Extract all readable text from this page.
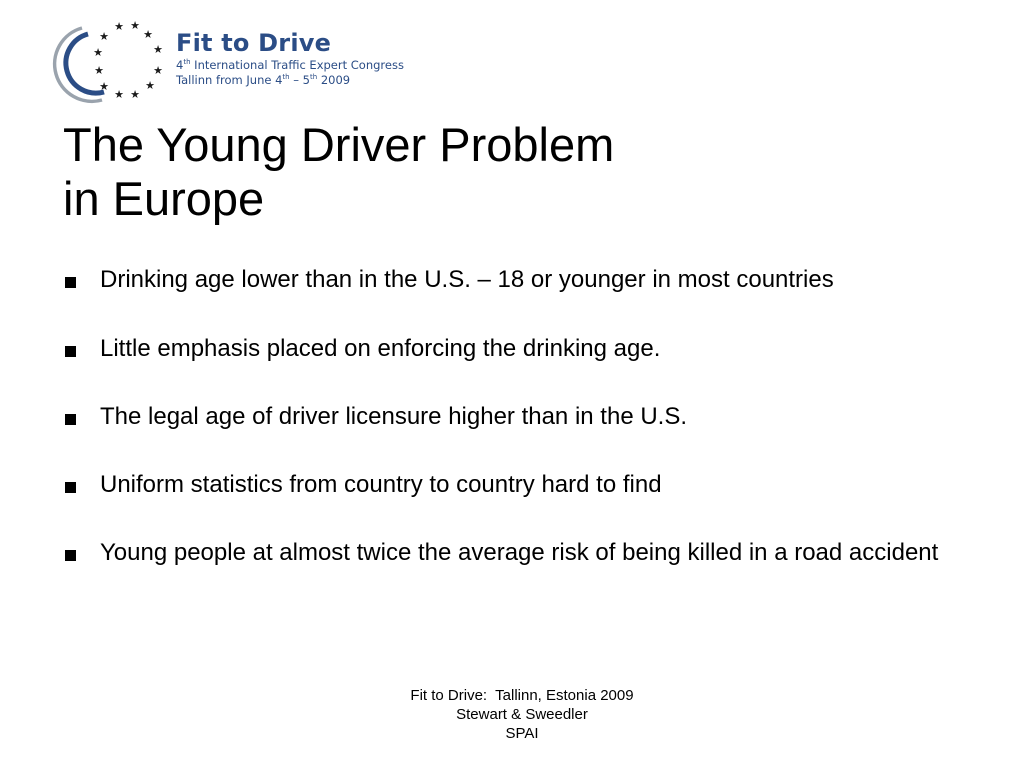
★ ★
★
★
★	★
★	★
★	★
★ ★
Fit to Drive
4th International Traffic Expert Congress
Tallinn from June 4th – 5th 2009
The Young Driver Problem
in Europe
Drinking age lower than in the U.S. – 18 or younger in most countries
Little emphasis placed on enforcing the drinking age.
The legal age of driver licensure higher than in the U.S.
Uniform statistics from country to country hard to find
Young people at almost twice the average risk of being killed in a road accident
Fit to Drive:  Tallinn, Estonia 2009
Stewart & Sweedler
SPAI
